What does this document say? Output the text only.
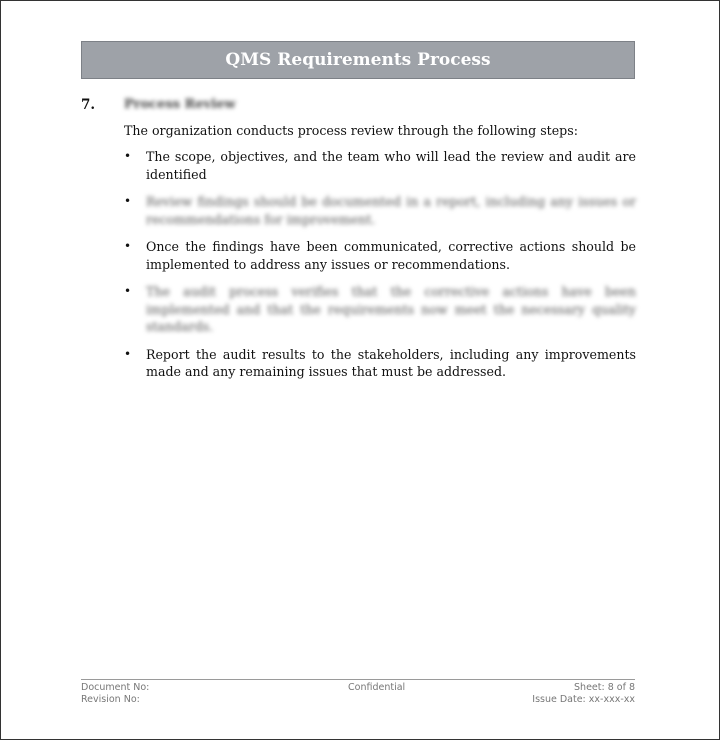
QMS Requirements Process
7. Process Review
The organization conducts process review through the following steps:
• The scope, objectives, and the team who will lead the review and audit are identified
• Review findings should be documented in a report, including any issues or recommendations for improvement.
• Once the findings have been communicated, corrective actions should be implemented to address any issues or recommendations.
• The audit process verifies that the corrective actions have been implemented and that the requirements now meet the necessary quality standards.
• Report the audit results to the stakeholders, including any improvements made and any remaining issues that must be addressed.
Document No:
Revision No:
Confidential	Sheet: 8 of 8
Issue Date: xx-xxx-xx
